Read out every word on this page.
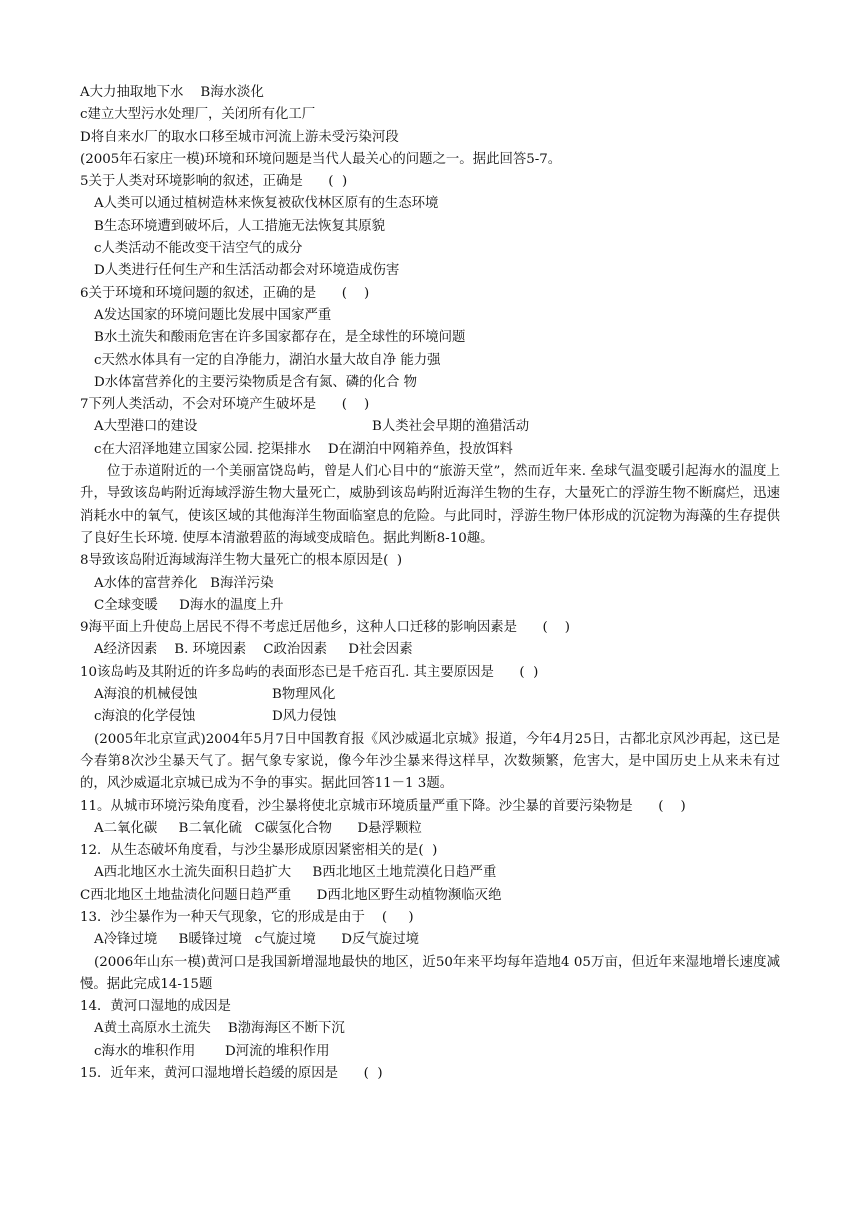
A大力抽取地下水    B海水淡化
c建立大型污水处理厂，关闭所有化工厂
D将自来水厂的取水口移至城市河流上游未受污染河段
(2005年石家庄一模)环境和环境问题是当代人最关心的问题之一。据此回答5-7。
5关于人类对环境影响的叙述，正确是      (  )
A人类可以通过植树造林来恢复被砍伐林区原有的生态环境
B生态环境遭到破坏后，人工措施无法恢复其原貌
c人类活动不能改变干洁空气的成分
D人类进行任何生产和生活活动都会对环境造成伤害
6关于环境和环境问题的叙述，正确的是      (    )
A发达国家的环境问题比发展中国家严重
B水土流失和酸雨危害在许多国家都存在，是全球性的环境问题
c天然水体具有一定的自净能力，湖泊水量大故自净 能力强
D水体富营养化的主要污染物质是含有氮、磷的化合 物
7下列人类活动，不会对环境产生破坏是      (    )
A大型港口的建设	B人类社会早期的渔猎活动
c在大沼泽地建立国家公园. 挖渠排水    D在湖泊中网箱养鱼，投放饵料
位于赤道附近的一个美丽富饶岛屿，曾是人们心目中的“旅游天堂”，然而近年来. 垒球气温变暖引起海水的温度上升，导致该岛屿附近海域浮游生物大量死亡，威胁到该岛屿附近海洋生物的生存，大量死亡的浮游生物不断腐烂，迅速消耗水中的氧气，使该区域的其他海洋生物面临窒息的危险。与此同时，浮游生物尸体形成的沉淀物为海藻的生存提供了良好生长环境. 使厚本清澈碧蓝的海域变成暗色。据此判断8-10趣。
8导致该岛附近海域海洋生物大量死亡的根本原因是(  )
A水体的富营养化   B海洋污染
C全球变暖     D海水的温度上升
9海平面上升使岛上居民不得不考虑迁居他乡，这种人口迁移的影响因素是      (    )
A经济因素    B. 环境因素    C政治因素     D社会因素
10该岛屿及其附近的许多岛屿的表面形态已是千疮百孔. 其主要原因是      (  )
A海浪的机械侵蚀	B物理风化
c海浪的化学侵蚀	D风力侵蚀
(2005年北京宣武)2004年5月7日中国教育报《风沙威逼北京城》报道，今年4月25日，古都北京风沙再起，这已是今春第8次沙尘暴天气了。据气象专家说，像今年沙尘暴来得这样早，次数频繁，危害大，是中国历史上从来未有过的，风沙威逼北京城已成为不争的事实。据此回答11－1 3题。
11。从城市环境污染角度看，沙尘暴将使北京城市环境质量严重下降。沙尘暴的首要污染物是      (    )
A二氧化碳     B二氧化硫   C碳氢化合物      D悬浮颗粒
12．从生态破坏角度看，与沙尘暴形成原因紧密相关的是(  )
A西北地区水土流失面积日趋扩大     B西北地区土地荒漠化日趋严重
C西北地区土地盐渍化问题日趋严重      D西北地区野生动植物濒临灭绝
13．沙尘暴作为一种天气现象，它的形成是由于    (     )
A冷锋过境     B暖锋过境   c气旋过境      D反气旋过境
(2006年山东一模)黄河口是我国新增湿地最快的地区，近50年来平均每年造地4 05万亩，但近年来湿地增长速度减慢。据此完成14-15题
14．黄河口湿地的成因是
A黄土高原水土流失    B渤海海区不断下沉
c海水的堆积作用       D河流的堆积作用
15．近年来，黄河口湿地增长趋缓的原因是      (  )
